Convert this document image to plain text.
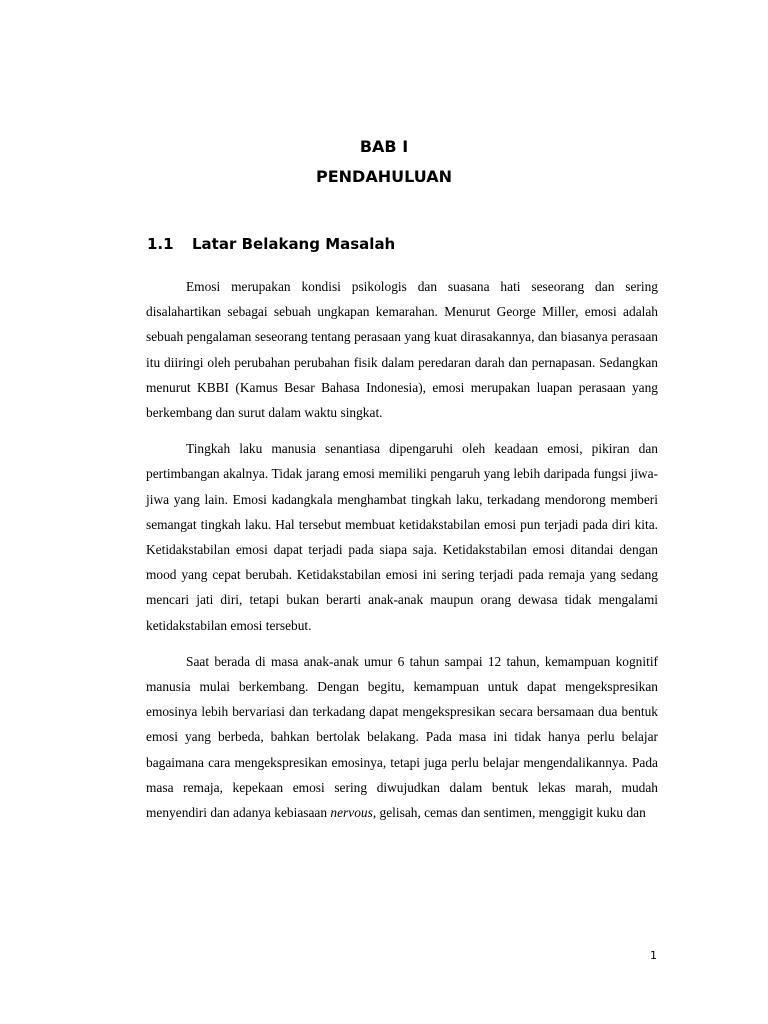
BAB I
PENDAHULUAN
1.1 Latar Belakang Masalah

Emosi merupakan kondisi psikologis dan suasana hati seseorang dan sering disalahartikan sebagai sebuah ungkapan kemarahan. Menurut George Miller, emosi adalah sebuah pengalaman seseorang tentang perasaan yang kuat dirasakannya, dan biasanya perasaan itu diiringi oleh perubahan perubahan fisik dalam peredaran darah dan pernapasan. Sedangkan menurut KBBI (Kamus Besar Bahasa Indonesia), emosi merupakan luapan perasaan yang berkembang dan surut dalam waktu singkat.

Tingkah laku manusia senantiasa dipengaruhi oleh keadaan emosi, pikiran dan pertimbangan akalnya. Tidak jarang emosi memiliki pengaruh yang lebih daripada fungsi jiwa-jiwa yang lain. Emosi kadangkala menghambat tingkah laku, terkadang mendorong memberi semangat tingkah laku. Hal tersebut membuat ketidakstabilan emosi pun terjadi pada diri kita. Ketidakstabilan emosi dapat terjadi pada siapa saja. Ketidakstabilan emosi ditandai dengan mood yang cepat berubah. Ketidakstabilan emosi ini sering terjadi pada remaja yang sedang mencari jati diri, tetapi bukan berarti anak-anak maupun orang dewasa tidak mengalami ketidakstabilan emosi tersebut.

Saat berada di masa anak-anak umur 6 tahun sampai 12 tahun, kemampuan kognitif manusia mulai berkembang. Dengan begitu, kemampuan untuk dapat mengekspresikan emosinya lebih bervariasi dan terkadang dapat mengekspresikan secara bersamaan dua bentuk emosi yang berbeda, bahkan bertolak belakang. Pada masa ini tidak hanya perlu belajar bagaimana cara mengekspresikan emosinya, tetapi juga perlu belajar mengendalikannya. Pada masa remaja, kepekaan emosi sering diwujudkan dalam bentuk lekas marah, mudah menyendiri dan adanya kebiasaan nervous, gelisah, cemas dan sentimen, menggigit kuku dan

1
